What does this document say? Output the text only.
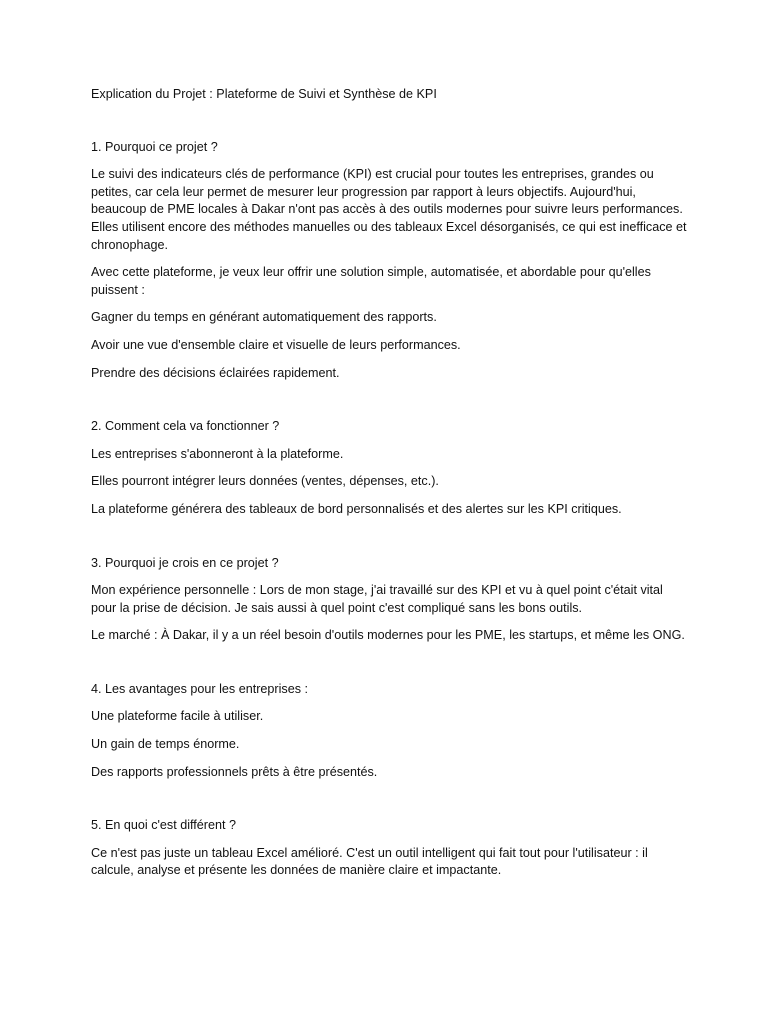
Explication du Projet : Plateforme de Suivi et Synthèse de KPI

1. Pourquoi ce projet ?

Le suivi des indicateurs clés de performance (KPI) est crucial pour toutes les entreprises, grandes ou petites, car cela leur permet de mesurer leur progression par rapport à leurs objectifs. Aujourd'hui, beaucoup de PME locales à Dakar n'ont pas accès à des outils modernes pour suivre leurs performances. Elles utilisent encore des méthodes manuelles ou des tableaux Excel désorganisés, ce qui est inefficace et chronophage.

Avec cette plateforme, je veux leur offrir une solution simple, automatisée, et abordable pour qu'elles puissent :

Gagner du temps en générant automatiquement des rapports.

Avoir une vue d'ensemble claire et visuelle de leurs performances.

Prendre des décisions éclairées rapidement.

2. Comment cela va fonctionner ?

Les entreprises s'abonneront à la plateforme.

Elles pourront intégrer leurs données (ventes, dépenses, etc.).

La plateforme générera des tableaux de bord personnalisés et des alertes sur les KPI critiques.

3. Pourquoi je crois en ce projet ?

Mon expérience personnelle : Lors de mon stage, j'ai travaillé sur des KPI et vu à quel point c'était vital pour la prise de décision. Je sais aussi à quel point c'est compliqué sans les bons outils.

Le marché : À Dakar, il y a un réel besoin d'outils modernes pour les PME, les startups, et même les ONG.

4. Les avantages pour les entreprises :

Une plateforme facile à utiliser.

Un gain de temps énorme.

Des rapports professionnels prêts à être présentés.

5. En quoi c'est différent ?

Ce n'est pas juste un tableau Excel amélioré. C'est un outil intelligent qui fait tout pour l'utilisateur : il calcule, analyse et présente les données de manière claire et impactante.
